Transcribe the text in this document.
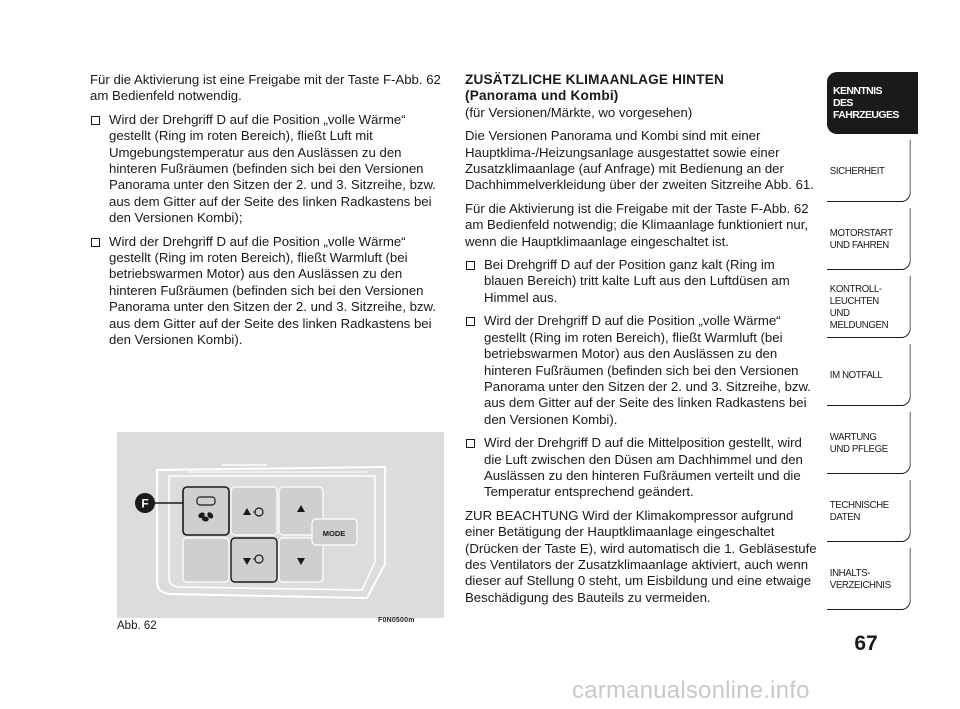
Für die Aktivierung ist eine Freigabe mit der Taste F-Abb. 62 am Bedienfeld notwendig.

Wird der Drehgriff D auf die Position „volle Wärme“ gestellt (Ring im roten Bereich), fließt Luft mit Umgebungstemperatur aus den Auslässen zu den hinteren Fußräumen (befinden sich bei den Versionen Panorama unter den Sitzen der 2. und 3. Sitzreihe, bzw. aus dem Gitter auf der Seite des linken Radkastens bei den Versionen Kombi);
Wird der Drehgriff D auf die Position „volle Wärme“ gestellt (Ring im roten Bereich), fließt Warmluft (bei betriebswarmen Motor) aus den Auslässen zu den hinteren Fußräumen (befinden sich bei den Versionen Panorama unter den Sitzen der 2. und 3. Sitzreihe, bzw. aus dem Gitter auf der Seite des linken Radkastens bei den Versionen Kombi).
ZUSÄTZLICHE KLIMAANLAGE HINTEN
(Panorama und Kombi)

(für Versionen/Märkte, wo vorgesehen)

Die Versionen Panorama und Kombi sind mit einer Hauptklima-/Heizungsanlage ausgestattet sowie einer Zusatzklimaanlage (auf Anfrage) mit Bedienung an der Dachhimmelverkleidung über der zweiten Sitzreihe Abb. 61.

Für die Aktivierung ist die Freigabe mit der Taste F-Abb. 62 am Bedienfeld notwendig; die Klimaanlage funktioniert nur, wenn die Hauptklimaanlage eingeschaltet ist.

Bei Drehgriff D auf der Position ganz kalt (Ring im blauen Bereich) tritt kalte Luft aus den Luftdüsen am Himmel aus.
Wird der Drehgriff D auf die Position „volle Wärme“ gestellt (Ring im roten Bereich), fließt Warmluft (bei betriebswarmen Motor) aus den Auslässen zu den hinteren Fußräumen (befinden sich bei den Versionen Panorama unter den Sitzen der 2. und 3. Sitzreihe, bzw. aus dem Gitter auf der Seite des linken Radkastens bei den Versionen Kombi).
Wird der Drehgriff D auf die Mittelposition gestellt, wird die Luft zwischen den Düsen am Dachhimmel und den Auslässen zu den hinteren Fußräumen verteilt und die Temperatur entsprechend geändert.

ZUR BEACHTUNG Wird der Klimakompressor aufgrund einer Betätigung der Hauptklimaanlage eingeschaltet (Drücken der Taste E), wird automatisch die 1. Gebläsestufe des Ventilators der Zusatzklimaanlage aktiviert, auch wenn dieser auf Stellung 0 steht, um Eisbildung und eine etwaige Beschädigung des Bauteils zu vermeiden.

MODE
F
Abb. 62	F0N0500m
KENNTNIS
DES FAHRZEUGES
SICHERHEIT
MOTORSTART
UND FAHREN
KONTROLL-
LEUCHTEN
UND MELDUNGEN
IM NOTFALL
WARTUNG
UND PFLEGE
TECHNISCHE
DATEN
INHALTS-
VERZEICHNIS
67
carmanualsonline.info
